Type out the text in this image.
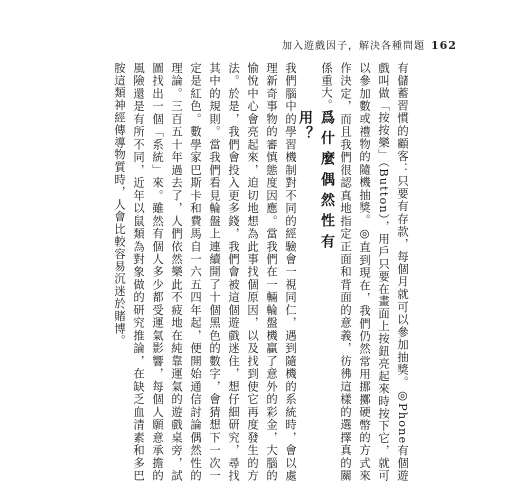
加入遊戲因子，解決各種問題 162
有儲蓄習慣的顧客：只要有存款，每個月就可以參加抽獎。◎Phone有個遊戲叫做「按按樂」（Button），用戶只要在畫面上按鈕亮起來時按下它，就可以參加數或禮物的隨機抽獎。◎直到現在，我們仍然常用挪擲硬幣的方式來作決定，而且我們很認真地指定正面和背面的意義，彷彿這樣的選擇真的關係重大。
爲什麼偶然性有用？
我們腦中的學習機制對不同的經驗會一視同仁，遇到隨機的系統時，會以處理新奇事物的審慎態度因應。當我們在一輛輪盤機贏了意外的彩金，大腦的愉悅中心會亮起來，迫切地想為此事找個原因，以及找到使它再度發生的方法。於是，我們會投入更多錢，我們會被這個遊戲迷住，想仔細研究，尋找其中的規則。當我們看見輪盤上連續開了十個黑色的數字，會猜想下一次一定是紅色。數學家巴斯卡和費馬自一六五四年起，便開始通信討論偶然性的理論。三百五十年過去了，人們依然樂此不疲地在純靠運氣的遊戲桌旁，試圖找出一個「系統」來。雖然有個人多少都受運氣影響，每個人願意承擔的風險還是有所不同，近年以鼠類為對象做的研究推論，在缺乏血清素和多巴胺這類神經傳導物質時，人會比較容易沉迷於賭博。
